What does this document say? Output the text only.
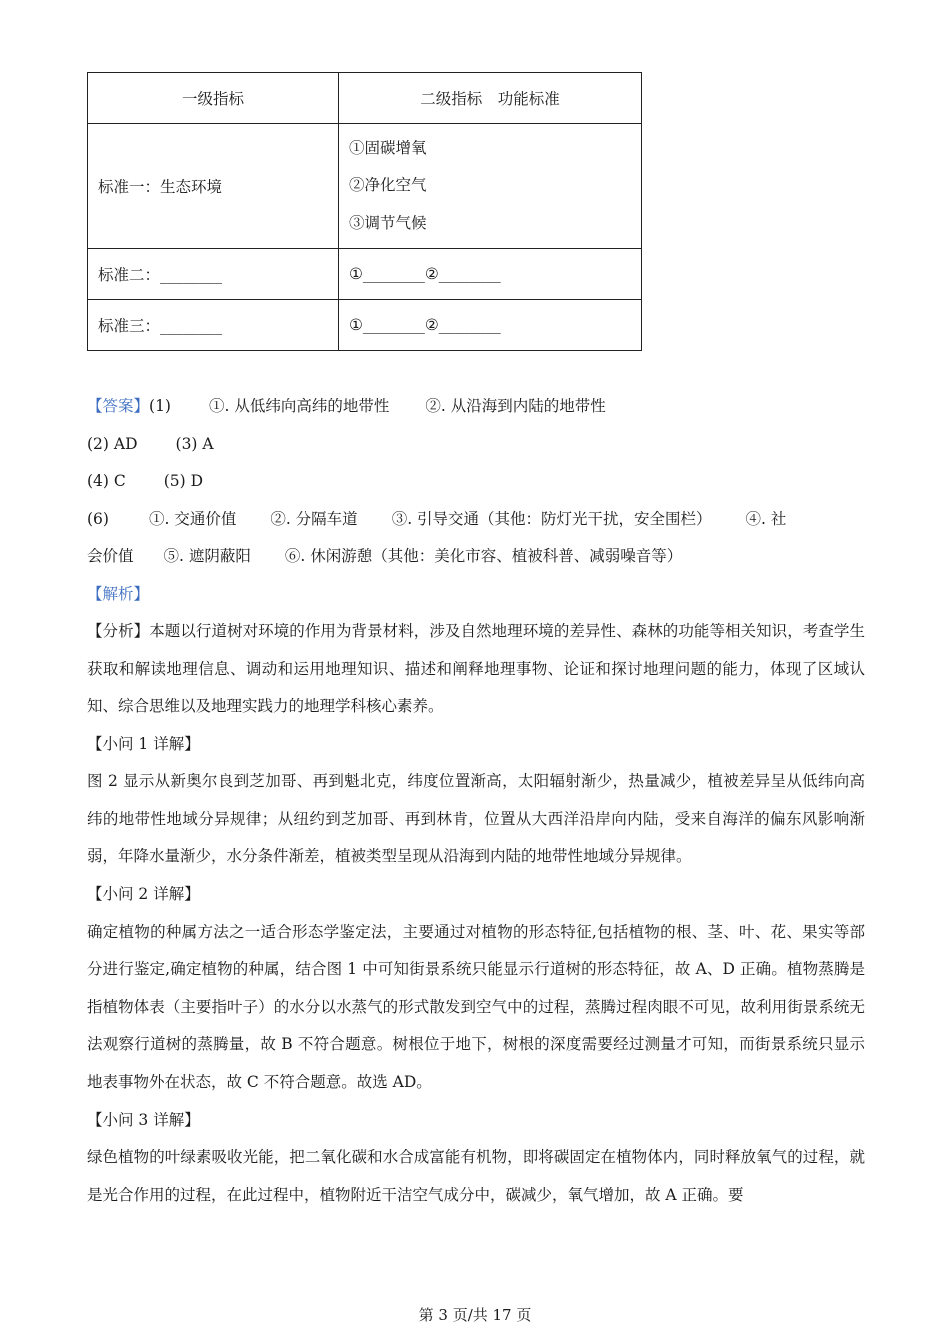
一级指标	二级指标　功能标准
标准一：生态环境	①固碳增氧
②净化空气
③调节气候

标准二：________	①________②________
标准三：________	①________②________
【答案】(1) ①. 从低纬向高纬的地带性 ②. 从沿海到内陆的地带性
(2) AD (3) A
(4) C (5) D
(6)	①. 交通价值 ②. 分隔车道 ③. 引导交通（其他：防灯光干扰，安全围栏） ④. 社
会价值 ⑤. 遮阴蔽阳 ⑥. 休闲游憩（其他：美化市容、植被科普、减弱噪音等）
【解析】
【分析】本题以行道树对环境的作用为背景材料，涉及自然地理环境的差异性、森林的功能等相关知识，考查学生获取和解读地理信息、调动和运用地理知识、描述和阐释地理事物、论证和探讨地理问题的能力，体现了区域认知、综合思维以及地理实践力的地理学科核心素养。
【小问 1 详解】
图 2 显示从新奥尔良到芝加哥、再到魁北克，纬度位置渐高，太阳辐射渐少，热量减少，植被差异呈从低纬向高纬的地带性地域分异规律；从纽约到芝加哥、再到林肯，位置从大西洋沿岸向内陆，受来自海洋的偏东风影响渐弱，年降水量渐少，水分条件渐差，植被类型呈现从沿海到内陆的地带性地域分异规律。
【小问 2 详解】
确定植物的种属方法之一适合形态学鉴定法，主要通过对植物的形态特征,包括植物的根、茎、叶、花、果实等部分进行鉴定,确定植物的种属，结合图 1 中可知街景系统只能显示行道树的形态特征，故 A、D 正确。植物蒸腾是指植物体表（主要指叶子）的水分以水蒸气的形式散发到空气中的过程，蒸腾过程肉眼不可见，故利用街景系统无法观察行道树的蒸腾量，故 B 不符合题意。树根位于地下，树根的深度需要经过测量才可知，而街景系统只显示地表事物外在状态，故 C 不符合题意。故选 AD。
【小问 3 详解】
绿色植物的叶绿素吸收光能，把二氧化碳和水合成富能有机物，即将碳固定在植物体内，同时释放氧气的过程，就是光合作用的过程，在此过程中，植物附近干洁空气成分中，碳减少，氧气增加，故 A 正确。要
第 3 页/共 17 页
